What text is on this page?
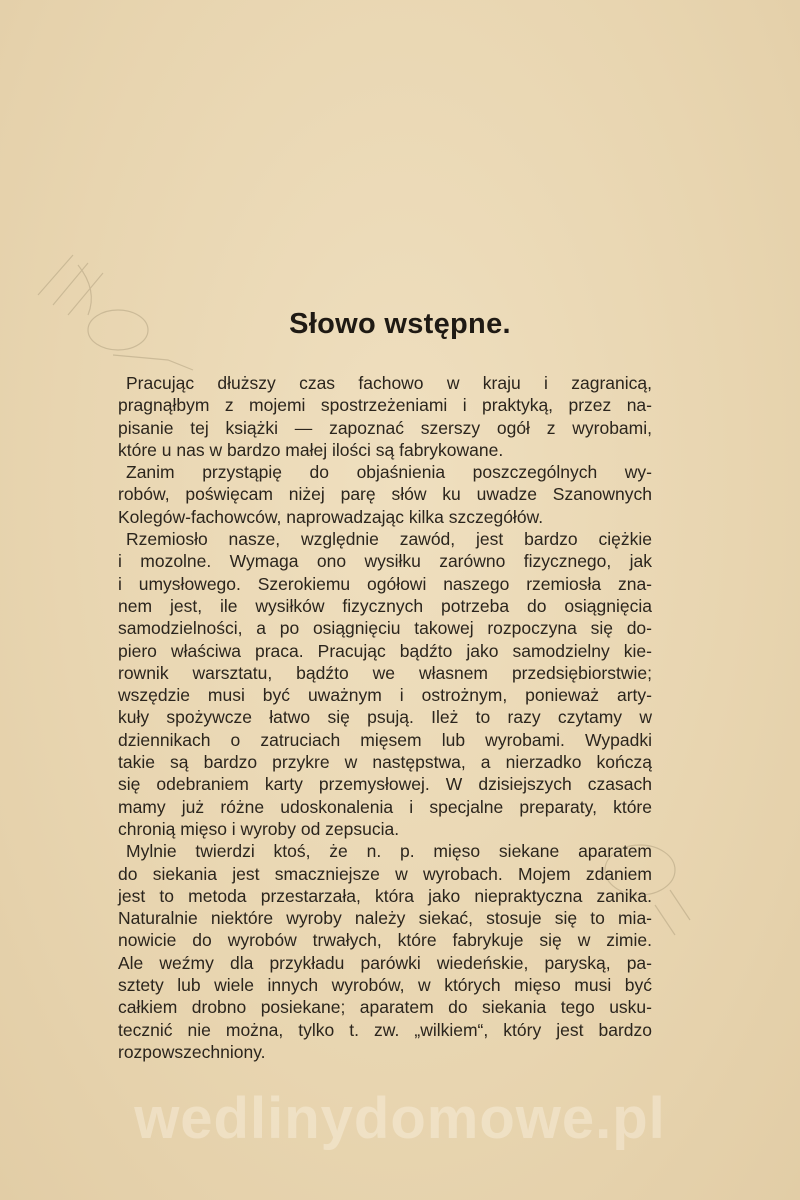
Słowo wstępne.

Pracując dłuższy czas fachowo w kraju i zagranicą,
pragnąłbym z mojemi spostrzeżeniami i praktyką, przez na-
pisanie tej książki — zapoznać szerszy ogół z wyrobami,
które u nas w bardzo małej ilości są fabrykowane.

Zanim przystąpię do objaśnienia poszczególnych wy-
robów, poświęcam niżej parę słów ku uwadze Szanownych
Kolegów-fachowców, naprowadzając kilka szczegółów.

Rzemiosło nasze, względnie zawód, jest bardzo ciężkie
i mozolne. Wymaga ono wysiłku zarówno fizycznego, jak
i umysłowego. Szerokiemu ogółowi naszego rzemiosła zna-
nem jest, ile wysiłków fizycznych potrzeba do osiągnięcia
samodzielności, a po osiągnięciu takowej rozpoczyna się do-
piero właściwa praca. Pracując bądźto jako samodzielny kie-
rownik warsztatu, bądźto we własnem przedsiębiorstwie;
wszędzie musi być uważnym i ostrożnym, ponieważ arty-
kuły spożywcze łatwo się psują. Ileż to razy czytamy w
dziennikach o zatruciach mięsem lub wyrobami. Wypadki
takie są bardzo przykre w następstwa, a nierzadko kończą
się odebraniem karty przemysłowej. W dzisiejszych czasach
mamy już różne udoskonalenia i specjalne preparaty, które
chronią mięso i wyroby od zepsucia.

Mylnie twierdzi ktoś, że n. p. mięso siekane aparatem
do siekania jest smaczniejsze w wyrobach. Mojem zdaniem
jest to metoda przestarzała, która jako niepraktyczna zanika.
Naturalnie niektóre wyroby należy siekać, stosuje się to mia-
nowicie do wyrobów trwałych, które fabrykuje się w zimie.
Ale weźmy dla przykładu parówki wiedeńskie, paryską, pa-
sztety lub wiele innych wyrobów, w których mięso musi być
całkiem drobno posiekane; aparatem do siekania tego usku-
tecznić nie można, tylko t. zw. „wilkiem“, który jest bardzo
rozpowszechniony.

wedlinydomowe.pl
